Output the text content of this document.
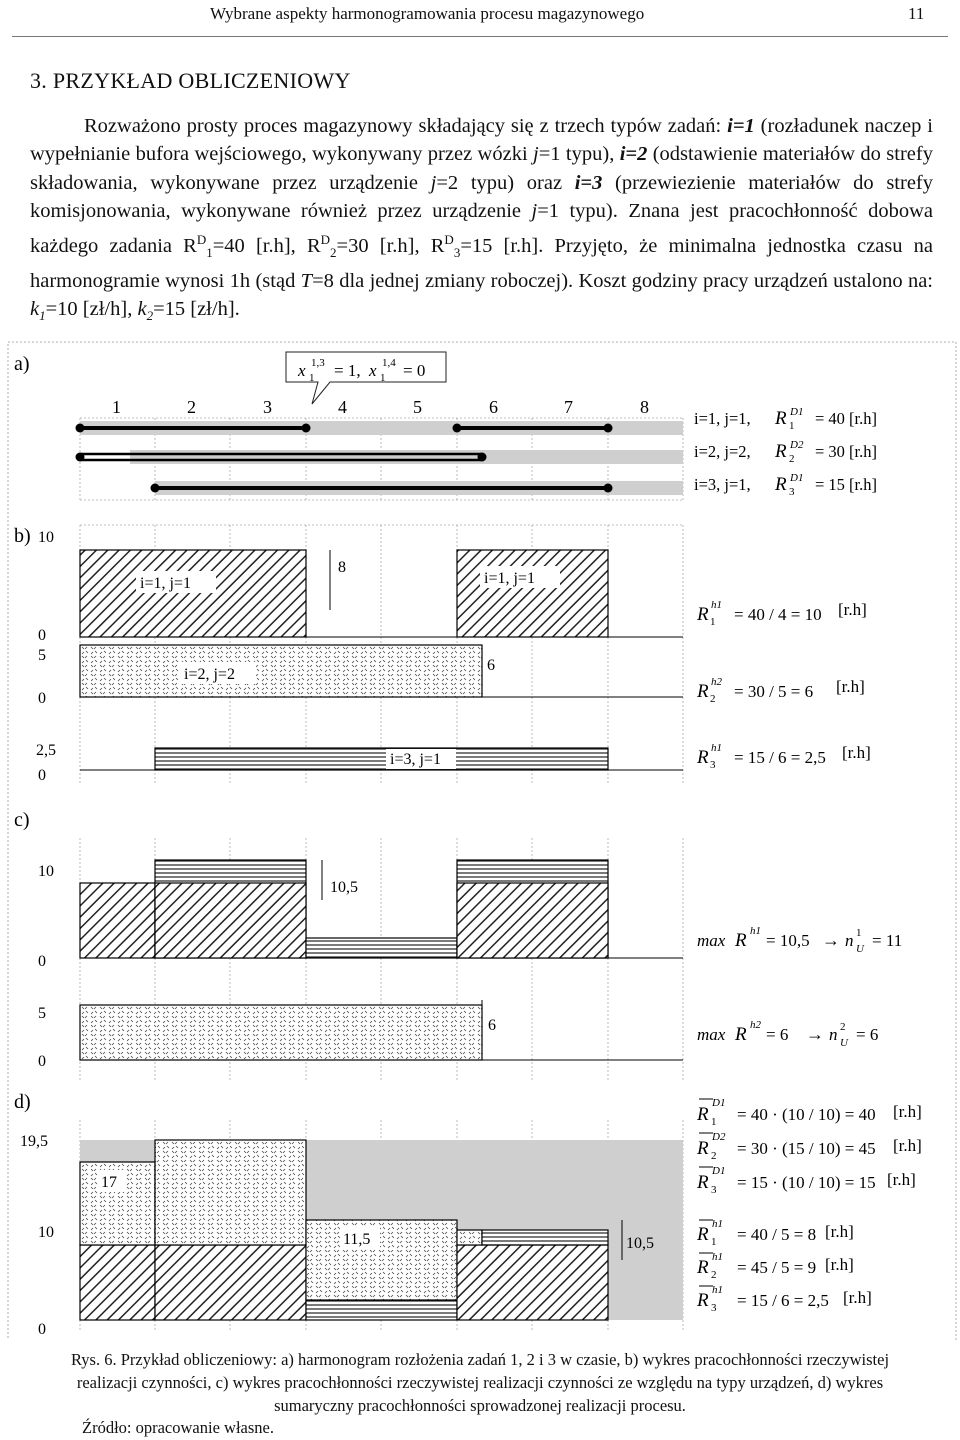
Wybrane aspekty harmonogramowania procesu magazynowego	11
3. PRZYKŁAD OBLICZENIOWY

Rozważono prosty proces magazynowy składający się z trzech typów zadań: i=1 (rozładunek naczep i wypełnianie bufora wejściowego, wykonywany przez wózki j=1 typu), i=2 (odstawienie materiałów do strefy składowania, wykonywane przez urządzenie j=2 typu) oraz i=3 (przewiezienie materiałów do strefy komisjonowania, wykonywane również przez urządzenie j=1 typu). Znana jest pracochłonność dobowa każdego zadania $R^D_1=40$ [r.h], $R^D_2=30$ [r.h], $R^D_3=15$ [r.h]. Przyjęto, że minimalna jednostka czasu na harmonogramie wynosi 1h (stąd T=8 dla jednej zmiany roboczej). Koszt godziny pracy urządzeń ustalono na: $k_1=10$ [zł/h], $k_2=15$ [zł/h].

a)
1	2	3	4	5	6	7	8
x 1,3
1 = 1, x 1,4
1 = 0
i=1, j=1, R D1
1 = 40 [r.h]
i=2, j=2, R D2
2 = 30 [r.h]
i=3, j=1, R D1
3 = 15 [r.h]
b) 10
0
5
0
2,5
0
i=1, j=1	i=1, j=1
8
i=2, j=2
6
i=3, j=1
R h1
1 = 40 / 4 = 10 [r.h]
R h2
2 = 30 / 5 = 6 [r.h]
R h1
3 = 15 / 6 = 2,5 [r.h]
c)
10
0
5
0
10,5
6
max R h1 = 10,5 → n 1
U = 11
max R h2 = 6 → n 2
U = 6
d)
19,5
10
0
17
11,5	10,5
R
D1
1 = 40 · (10 / 10) = 40 [r.h]
R
D2
2 = 30 · (15 / 10) = 45 [r.h]
R
D1
3 = 15 · (10 / 10) = 15 [r.h]
R h1
1 = 40 / 5 = 8 [r.h]
R h1
2 = 45 / 5 = 9 [r.h]
R h1
3 = 15 / 6 = 2,5 [r.h]
Rys. 6. Przykład obliczeniowy: a) harmonogram rozłożenia zadań 1, 2 i 3 w czasie, b) wykres pracochłonności rzeczywistej realizacji czynności, c) wykres pracochłonności rzeczywistej realizacji czynności ze względu na typy urządzeń, d) wykres sumaryczny pracochłonności sprowadzonej realizacji procesu.
Źródło: opracowanie własne.
